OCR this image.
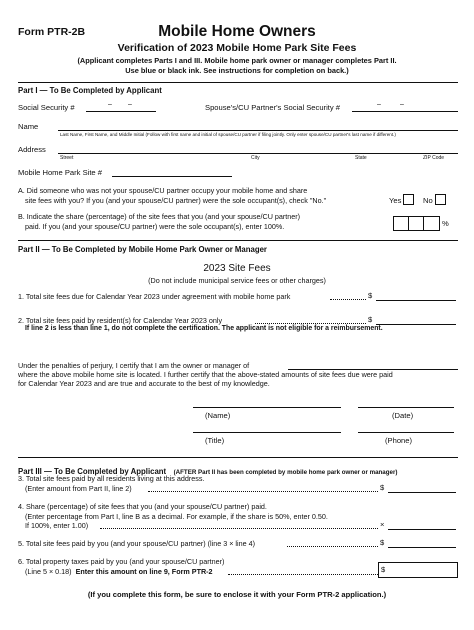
Form PTR-2B	Mobile Home Owners
Verification of 2023 Mobile Home Park Site Fees
(Applicant completes Parts I and III. Mobile home park owner or manager completes Part II.
Use blue or black ink. See instructions for completion on back.)
Part I — To Be Completed by Applicant
Social Security #	– –	Spouse's/CU Partner's Social Security #	–	–
Name
Last Name, First Name, and Middle Initial (Follow with first name and initial of spouse/CU partner if filing jointly. Only enter spouse/CU partner's last name if different.)
Address
Street	City	State	ZIP Code
Mobile Home Park Site #
A. Did someone who was not your spouse/CU partner occupy your mobile home and share
site fees with you? If you (and your spouse/CU partner) were the sole occupant(s), check "No."	Yes	No
B. Indicate the share (percentage) of the site fees that you (and your spouse/CU partner)
paid. If you (and your spouse/CU partner) were the sole occupant(s), enter 100%.	%
Part II — To Be Completed by Mobile Home Park Owner or Manager
2023 Site Fees
(Do not include municipal service fees or other charges)
1. Total site fees due for Calendar Year 2023 under agreement with mobile home park	$
2. Total site fees paid by resident(s) for Calendar Year 2023 only	$
If line 2 is less than line 1, do not complete the certification. The applicant is not eligible for a reimbursement.
Under the penalties of perjury, I certify that I am the owner or manager of
where the above mobile home site is located. I further certify that the above-stated amounts of site fees due were paid
for Calendar Year 2023 and are true and accurate to the best of my knowledge.
(Name)	(Date)
(Title)	(Phone)
Part III — To Be Completed by Applicant (AFTER Part II has been completed by mobile home park owner or manager)
3. Total site fees paid by all residents living at this address.
(Enter amount from Part II, line 2)	$
4. Share (percentage) of site fees that you (and your spouse/CU partner) paid.
(Enter percentage from Part I, line B as a decimal. For example, if the share is 50%, enter 0.50.
If 100%, enter 1.00)	×
5. Total site fees paid by you (and your spouse/CU partner) (line 3 × line 4)	$
6. Total property taxes paid by you (and your spouse/CU partner)
(Line 5 × 0.18) Enter this amount on line 9, Form PTR-2	$
(If you complete this form, be sure to enclose it with your Form PTR-2 application.)
